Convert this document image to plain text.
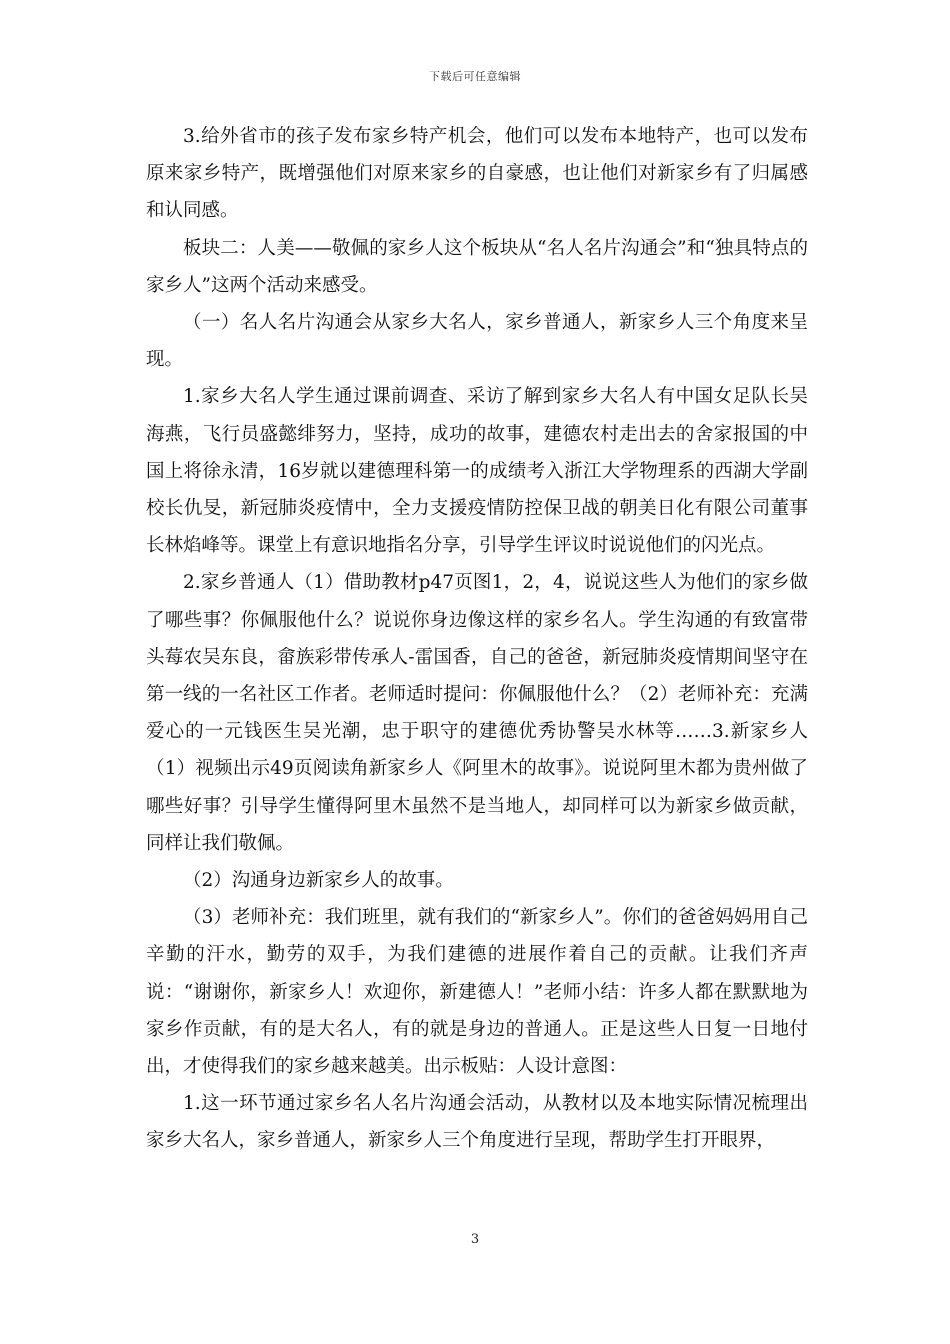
下载后可任意编辑

3.给外省市的孩子发布家乡特产机会，他们可以发布本地特产，也可以发布原来家乡特产，既增强他们对原来家乡的自豪感，也让他们对新家乡有了归属感和认同感。

板块二：人美——敬佩的家乡人这个板块从“名人名片沟通会”和“独具特点的家乡人”这两个活动来感受。

（一）名人名片沟通会从家乡大名人，家乡普通人，新家乡人三个角度来呈现。

1.家乡大名人学生通过课前调查、采访了解到家乡大名人有中国女足队长吴海燕，飞行员盛懿绯努力，坚持，成功的故事，建德农村走出去的舍家报国的中国上将徐永清，16岁就以建德理科第一的成绩考入浙江大学物理系的西湖大学副校长仇旻，新冠肺炎疫情中，全力支援疫情防控保卫战的朝美日化有限公司董事长林焰峰等。课堂上有意识地指名分享，引导学生评议时说说他们的闪光点。

2.家乡普通人（1）借助教材p47页图1，2，4，说说这些人为他们的家乡做了哪些事？你佩服他什么？说说你身边像这样的家乡名人。学生沟通的有致富带头莓农吴东良，畲族彩带传承人-雷国香，自己的爸爸，新冠肺炎疫情期间坚守在第一线的一名社区工作者。老师适时提问：你佩服他什么？（2）老师补充：充满爱心的一元钱医生吴光潮，忠于职守的建德优秀协警吴水林等……3.新家乡人（1）视频出示49页阅读角新家乡人《阿里木的故事》。说说阿里木都为贵州做了哪些好事？引导学生懂得阿里木虽然不是当地人，却同样可以为新家乡做贡献，同样让我们敬佩。

（2）沟通身边新家乡人的故事。

（3）老师补充：我们班里，就有我们的“新家乡人”。你们的爸爸妈妈用自己辛勤的汗水，勤劳的双手，为我们建德的进展作着自己的贡献。让我们齐声说：“谢谢你，新家乡人！欢迎你，新建德人！”老师小结：许多人都在默默地为家乡作贡献，有的是大名人，有的就是身边的普通人。正是这些人日复一日地付出，才使得我们的家乡越来越美。出示板贴：人设计意图：

1.这一环节通过家乡名人名片沟通会活动，从教材以及本地实际情况梳理出家乡大名人，家乡普通人，新家乡人三个角度进行呈现，帮助学生打开眼界，

3
